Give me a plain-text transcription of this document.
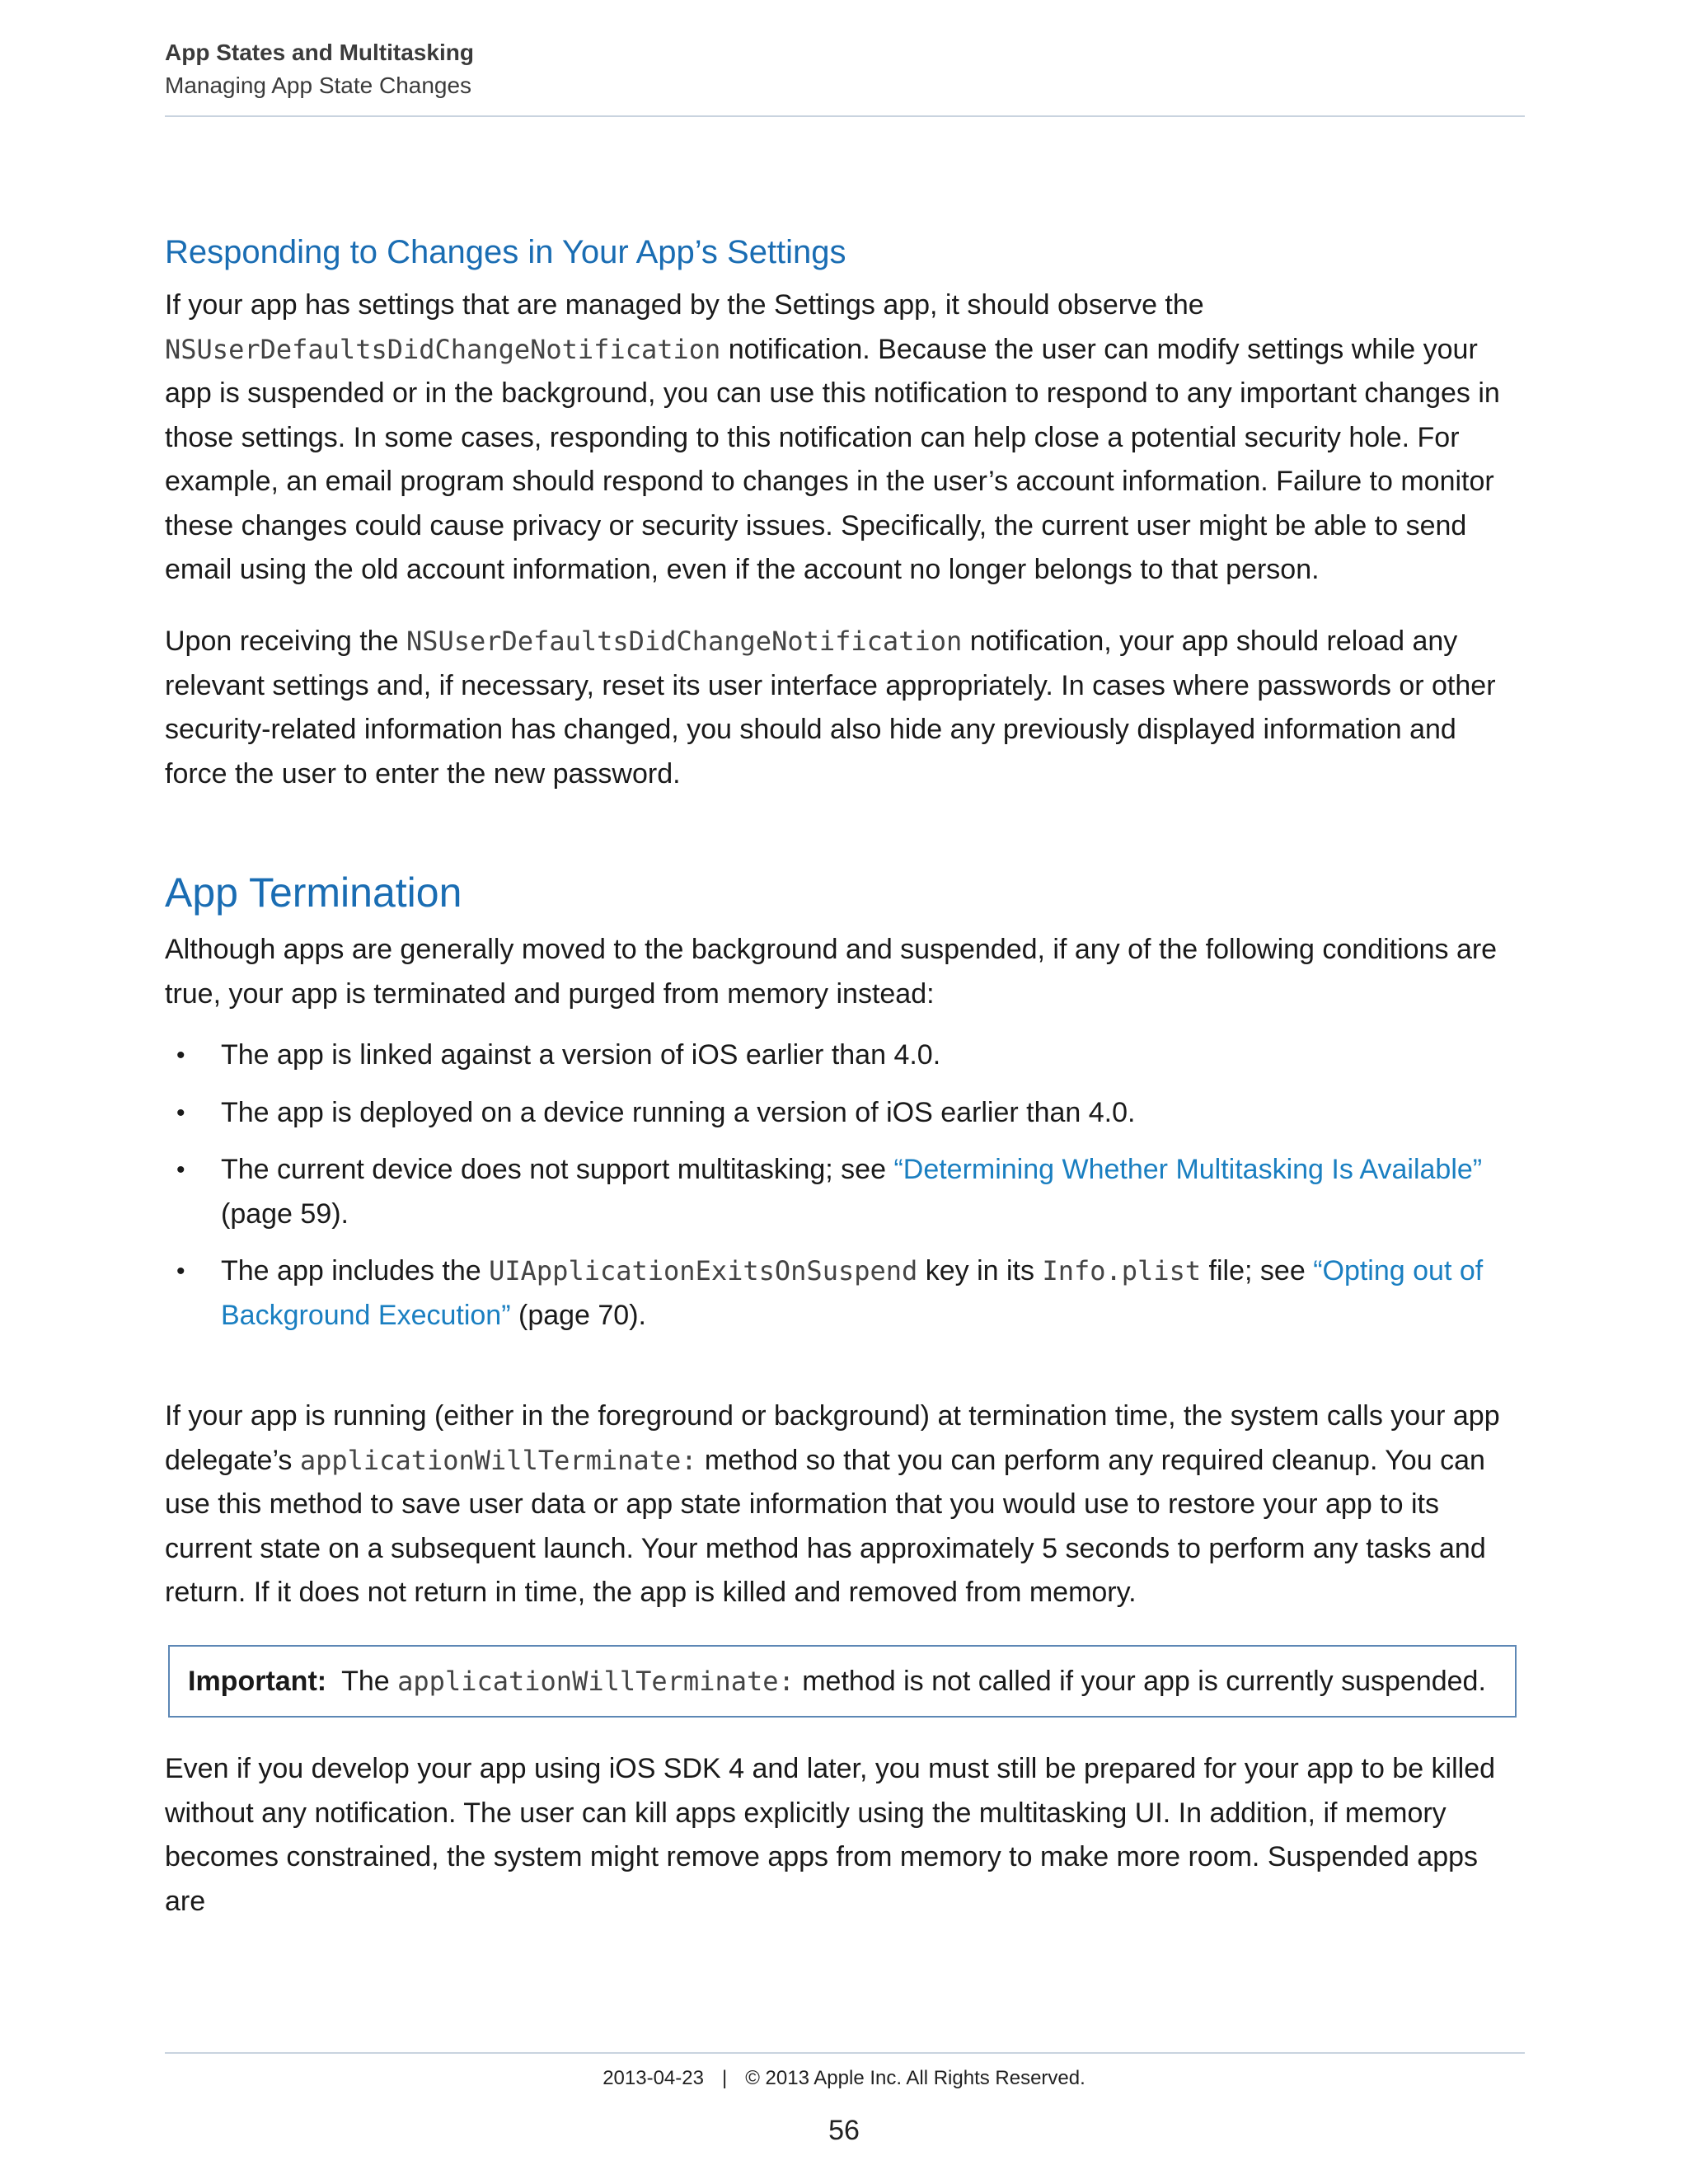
App States and Multitasking
Managing App State Changes
Responding to Changes in Your App’s Settings

If your app has settings that are managed by the Settings app, it should observe the NSUserDefaultsDidChangeNotification notification. Because the user can modify settings while your app is suspended or in the background, you can use this notification to respond to any important changes in those settings. In some cases, responding to this notification can help close a potential security hole. For example, an email program should respond to changes in the user’s account information. Failure to monitor these changes could cause privacy or security issues. Specifically, the current user might be able to send email using the old account information, even if the account no longer belongs to that person.

Upon receiving the NSUserDefaultsDidChangeNotification notification, your app should reload any relevant settings and, if necessary, reset its user interface appropriately. In cases where passwords or other security-related information has changed, you should also hide any previously displayed information and force the user to enter the new password.

App Termination

Although apps are generally moved to the background and suspended, if any of the following conditions are true, your app is terminated and purged from memory instead:

• The app is linked against a version of iOS earlier than 4.0.
• The app is deployed on a device running a version of iOS earlier than 4.0.
• The current device does not support multitasking; see “Determining Whether Multitasking Is Available” (page 59).
• The app includes the UIApplicationExitsOnSuspend key in its Info.plist file; see “Opting out of Background Execution” (page 70).

If your app is running (either in the foreground or background) at termination time, the system calls your app delegate’s applicationWillTerminate: method so that you can perform any required cleanup. You can use this method to save user data or app state information that you would use to restore your app to its current state on a subsequent launch. Your method has approximately 5 seconds to perform any tasks and return. If it does not return in time, the app is killed and removed from memory.

Important: The applicationWillTerminate: method is not called if your app is currently suspended.

Even if you develop your app using iOS SDK 4 and later, you must still be prepared for your app to be killed without any notification. The user can kill apps explicitly using the multitasking UI. In addition, if memory becomes constrained, the system might remove apps from memory to make more room. Suspended apps are

2013-04-23 | © 2013 Apple Inc. All Rights Reserved.
56
